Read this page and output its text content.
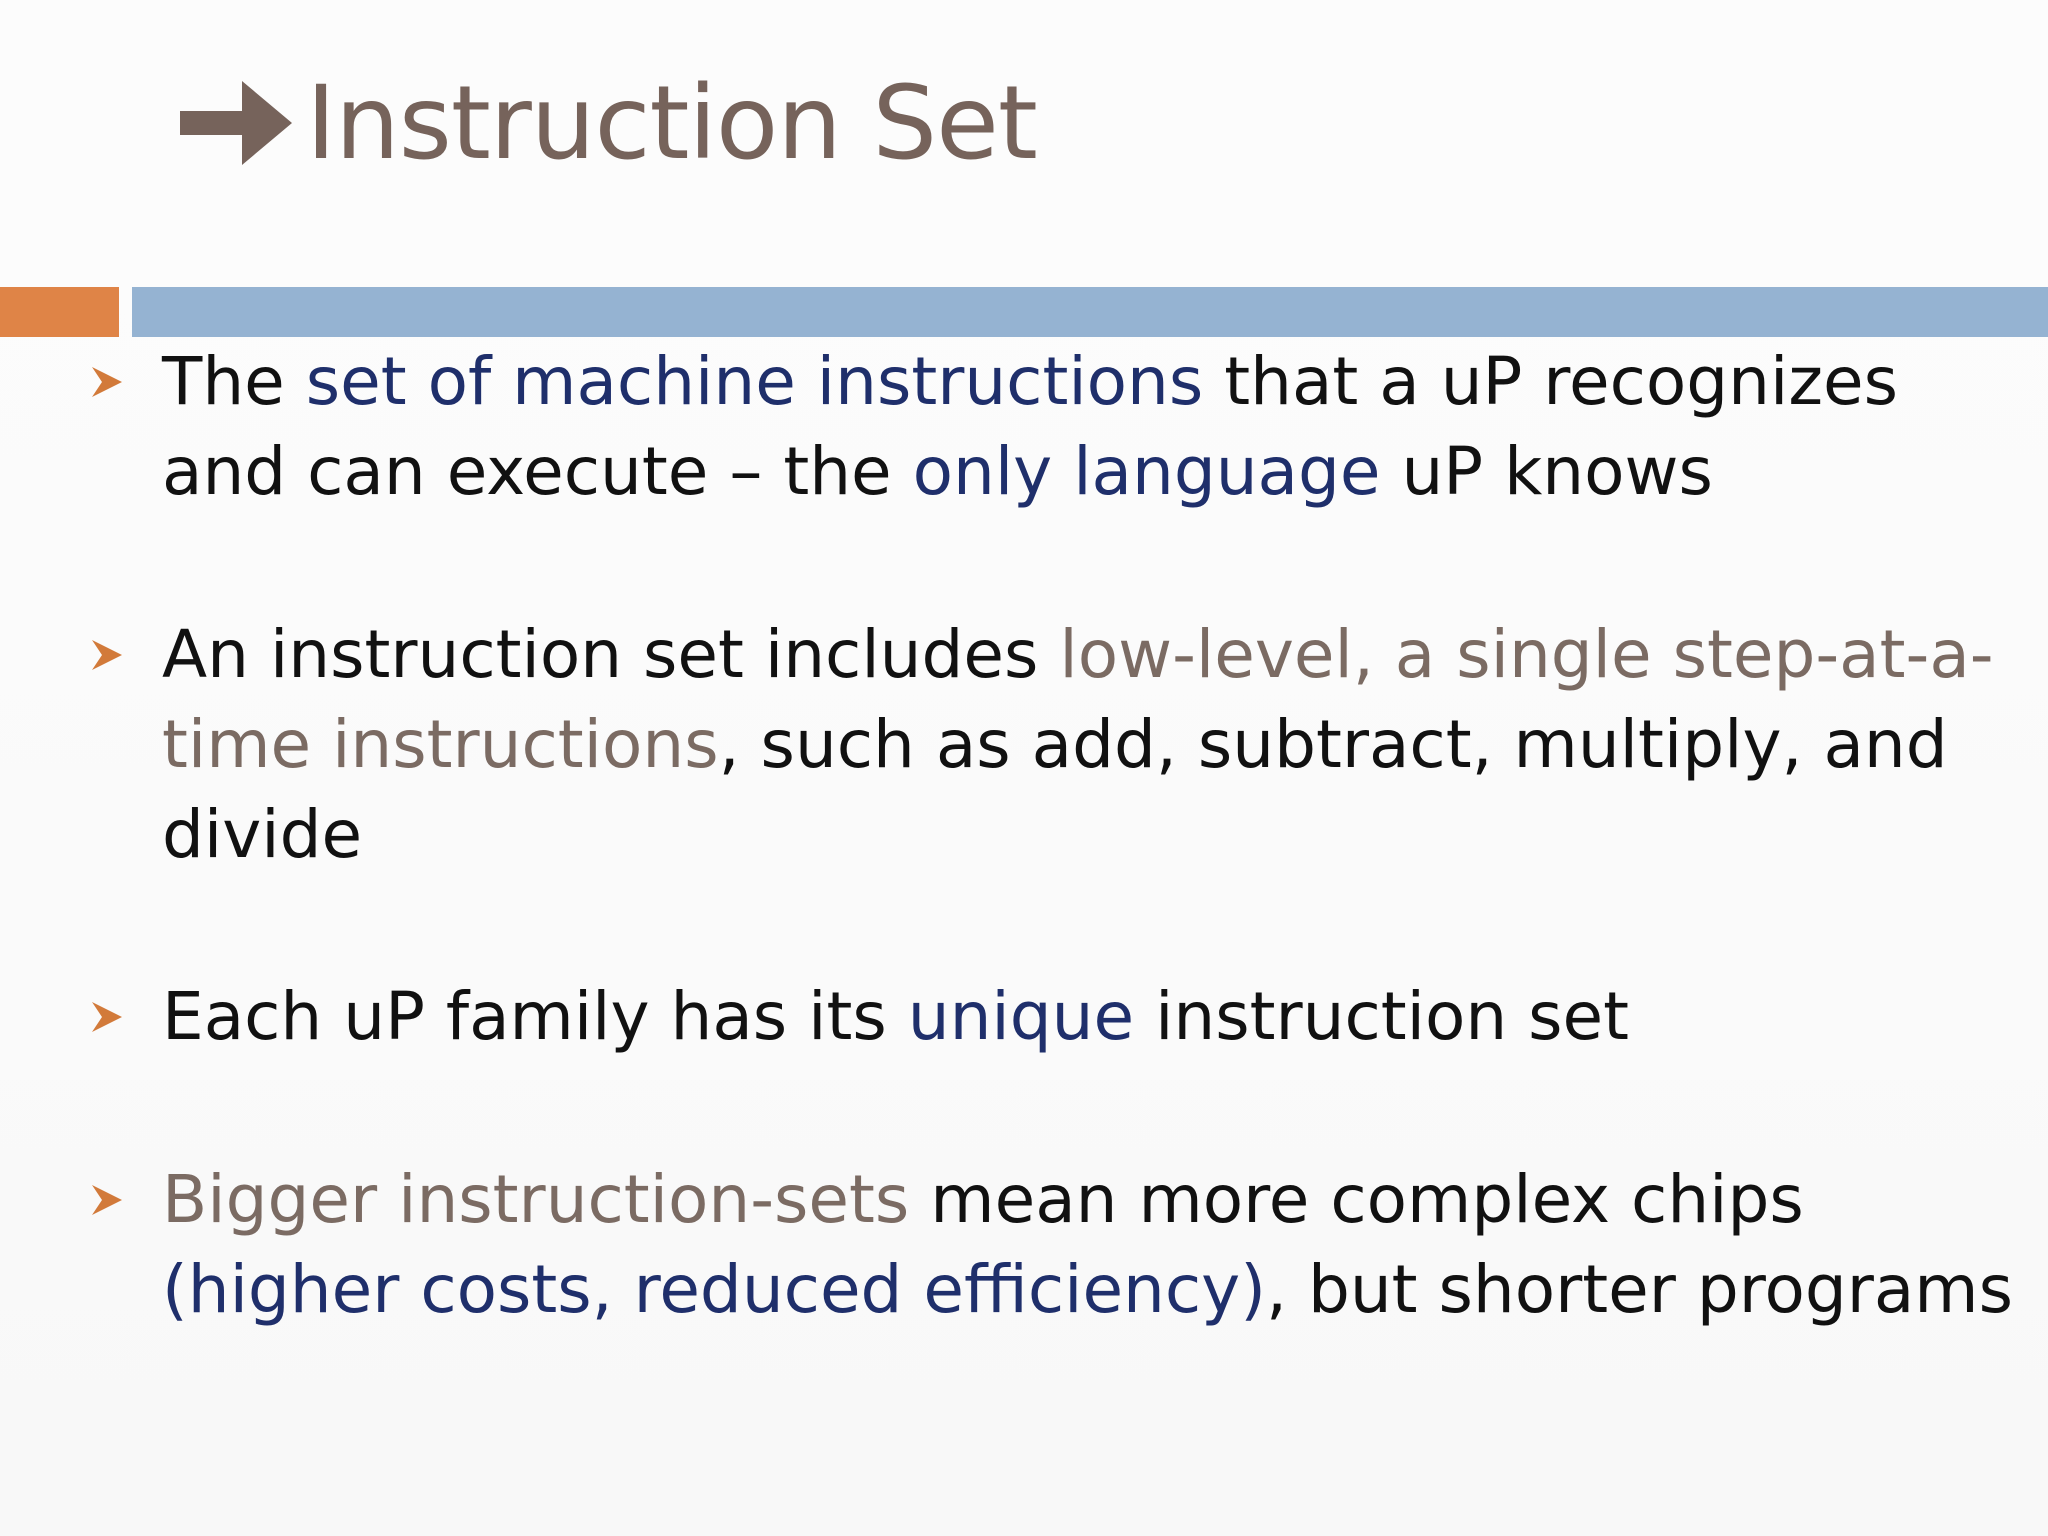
Instruction Set
The set of machine instructions that a uP recognizes
and can execute – the only language uP knows
An instruction set includes low-level, a single step-at-a-
time instructions, such as add, subtract, multiply, and
divide
Each uP family has its unique instruction set
Bigger instruction-sets mean more complex chips
(higher costs, reduced efficiency), but shorter programs
